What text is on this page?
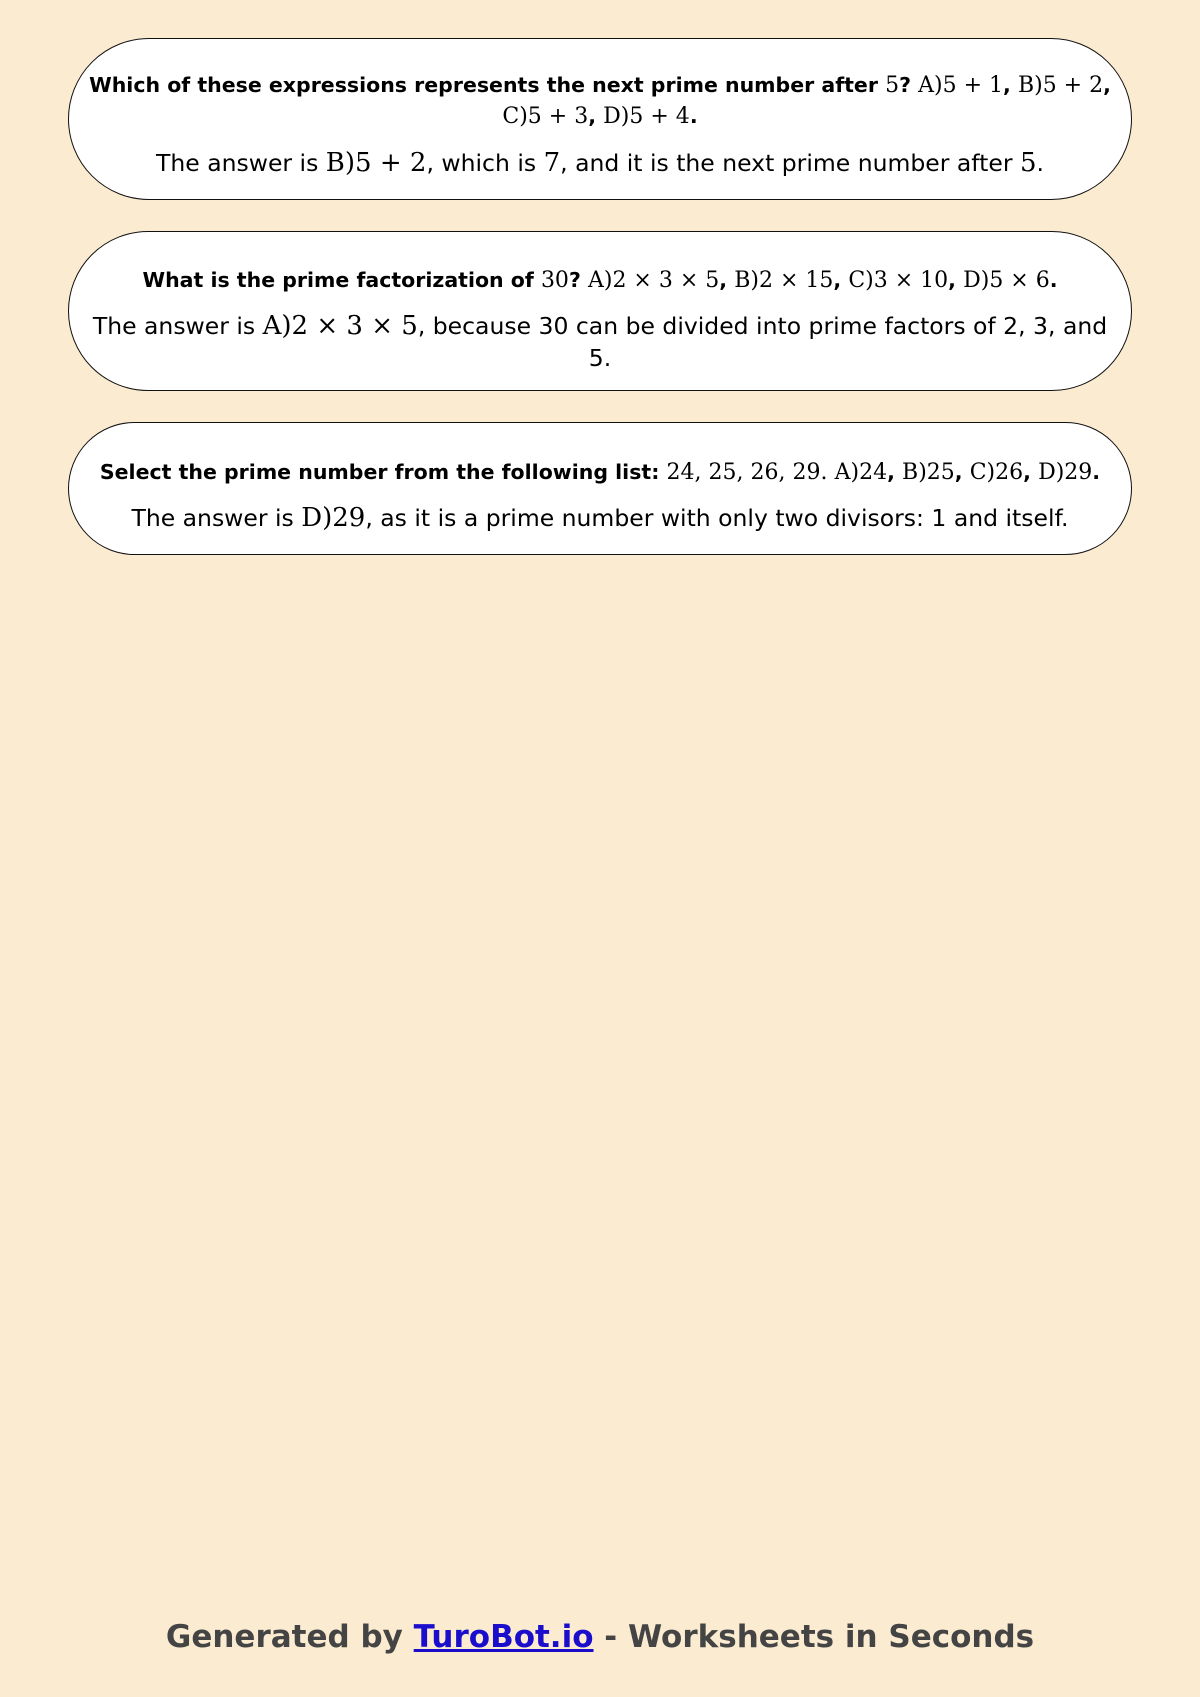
Which of these expressions represents the next prime number after 5? A)5 + 1, B)5 + 2, C)5 + 3, D)5 + 4.

The answer is B)5 + 2, which is 7, and it is the next prime number after 5.

What is the prime factorization of 30? A)2 × 3 × 5, B)2 × 15, C)3 × 10, D)5 × 6.

The answer is A)2 × 3 × 5, because 30 can be divided into prime factors of 2, 3, and 5.

Select the prime number from the following list: 24, 25, 26, 29. A)24, B)25, C)26, D)29.

The answer is D)29, as it is a prime number with only two divisors: 1 and itself.

Generated by TuroBot.io - Worksheets in Seconds
